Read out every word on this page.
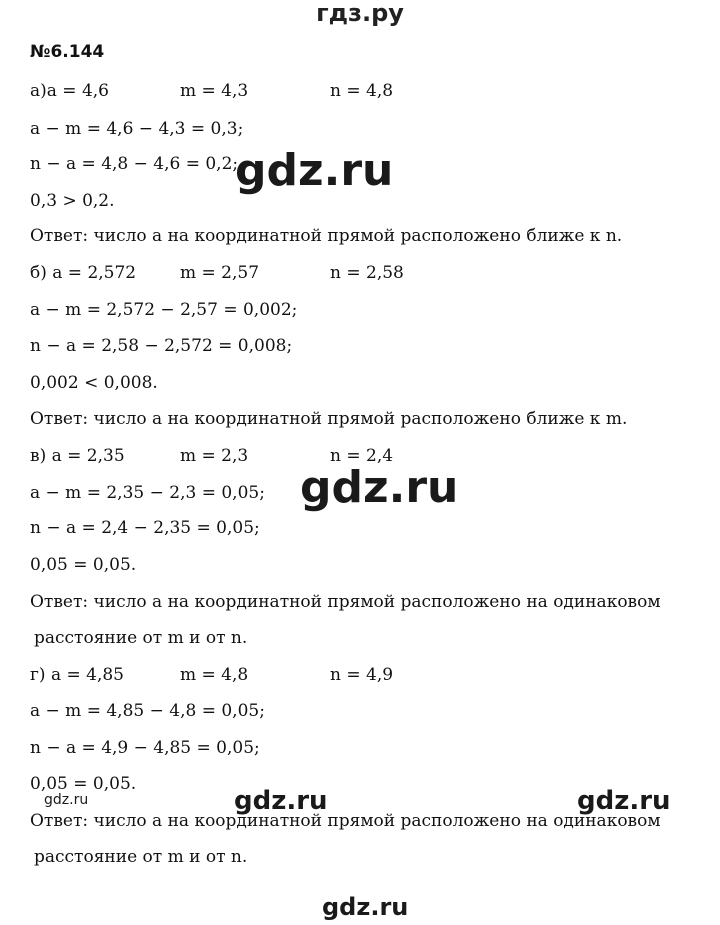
гдз.ру
№6.144
а)a = 4,6	m = 4,3	n = 4,8
a − m = 4,6 − 4,3 = 0,3;
n − a = 4,8 − 4,6 = 0,2;
0,3 > 0,2.
Ответ: число a на координатной прямой расположено ближе к n.
б) a = 2,572	m = 2,57	n = 2,58
a − m = 2,572 − 2,57 = 0,002;
n − a = 2,58 − 2,572 = 0,008;
0,002 < 0,008.
Ответ: число а на координатной прямой расположено ближе к m.
в) a = 2,35	m = 2,3	n = 2,4
a − m = 2,35 − 2,3 = 0,05;
n − a = 2,4 − 2,35 = 0,05;
0,05 = 0,05.
Ответ: число а на координатной прямой расположено на одинаковом
расстояние от m и от n.
г) a = 4,85	m = 4,8	n = 4,9
a − m = 4,85 − 4,8 = 0,05;
n − a = 4,9 − 4,85 = 0,05;
0,05 = 0,05.
Ответ: число а на координатной прямой расположено на одинаковом
расстояние от m и от n.
gdz.ru
gdz.ru
gdz.ru	gdz.ru	gdz.ru
gdz.ru
